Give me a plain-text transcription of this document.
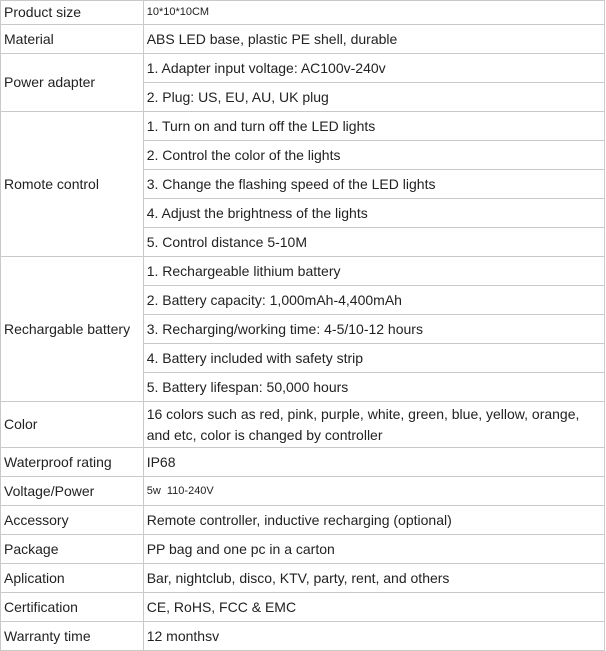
Product size	10*10*10CM
Material	ABS LED base, plastic PE shell, durable
Power adapter	1. Adapter input voltage: AC100v-240v
	2. Plug: US, EU, AU, UK plug
Romote control	1. Turn on and turn off the LED lights
	2. Control the color of the lights
	3. Change the flashing speed of the LED lights
	4. Adjust the brightness of the lights
	5. Control distance 5-10M
Rechargable battery	1. Rechargeable lithium battery
	2. Battery capacity: 1,000mAh-4,400mAh
	3. Recharging/working time: 4-5/10-12 hours
	4. Battery included with safety strip
	5. Battery lifespan: 50,000 hours
Color	16 colors such as red, pink, purple, white, green, blue, yellow, orange, and etc, color is changed by controller
Waterproof rating	IP68
Voltage/Power	5w  110-240V
Accessory	Remote controller, inductive recharging (optional)
Package	PP bag and one pc in a carton
Aplication	Bar, nightclub, disco, KTV, party, rent, and others
Certification	CE, RoHS, FCC & EMC
Warranty time	12 monthsv
